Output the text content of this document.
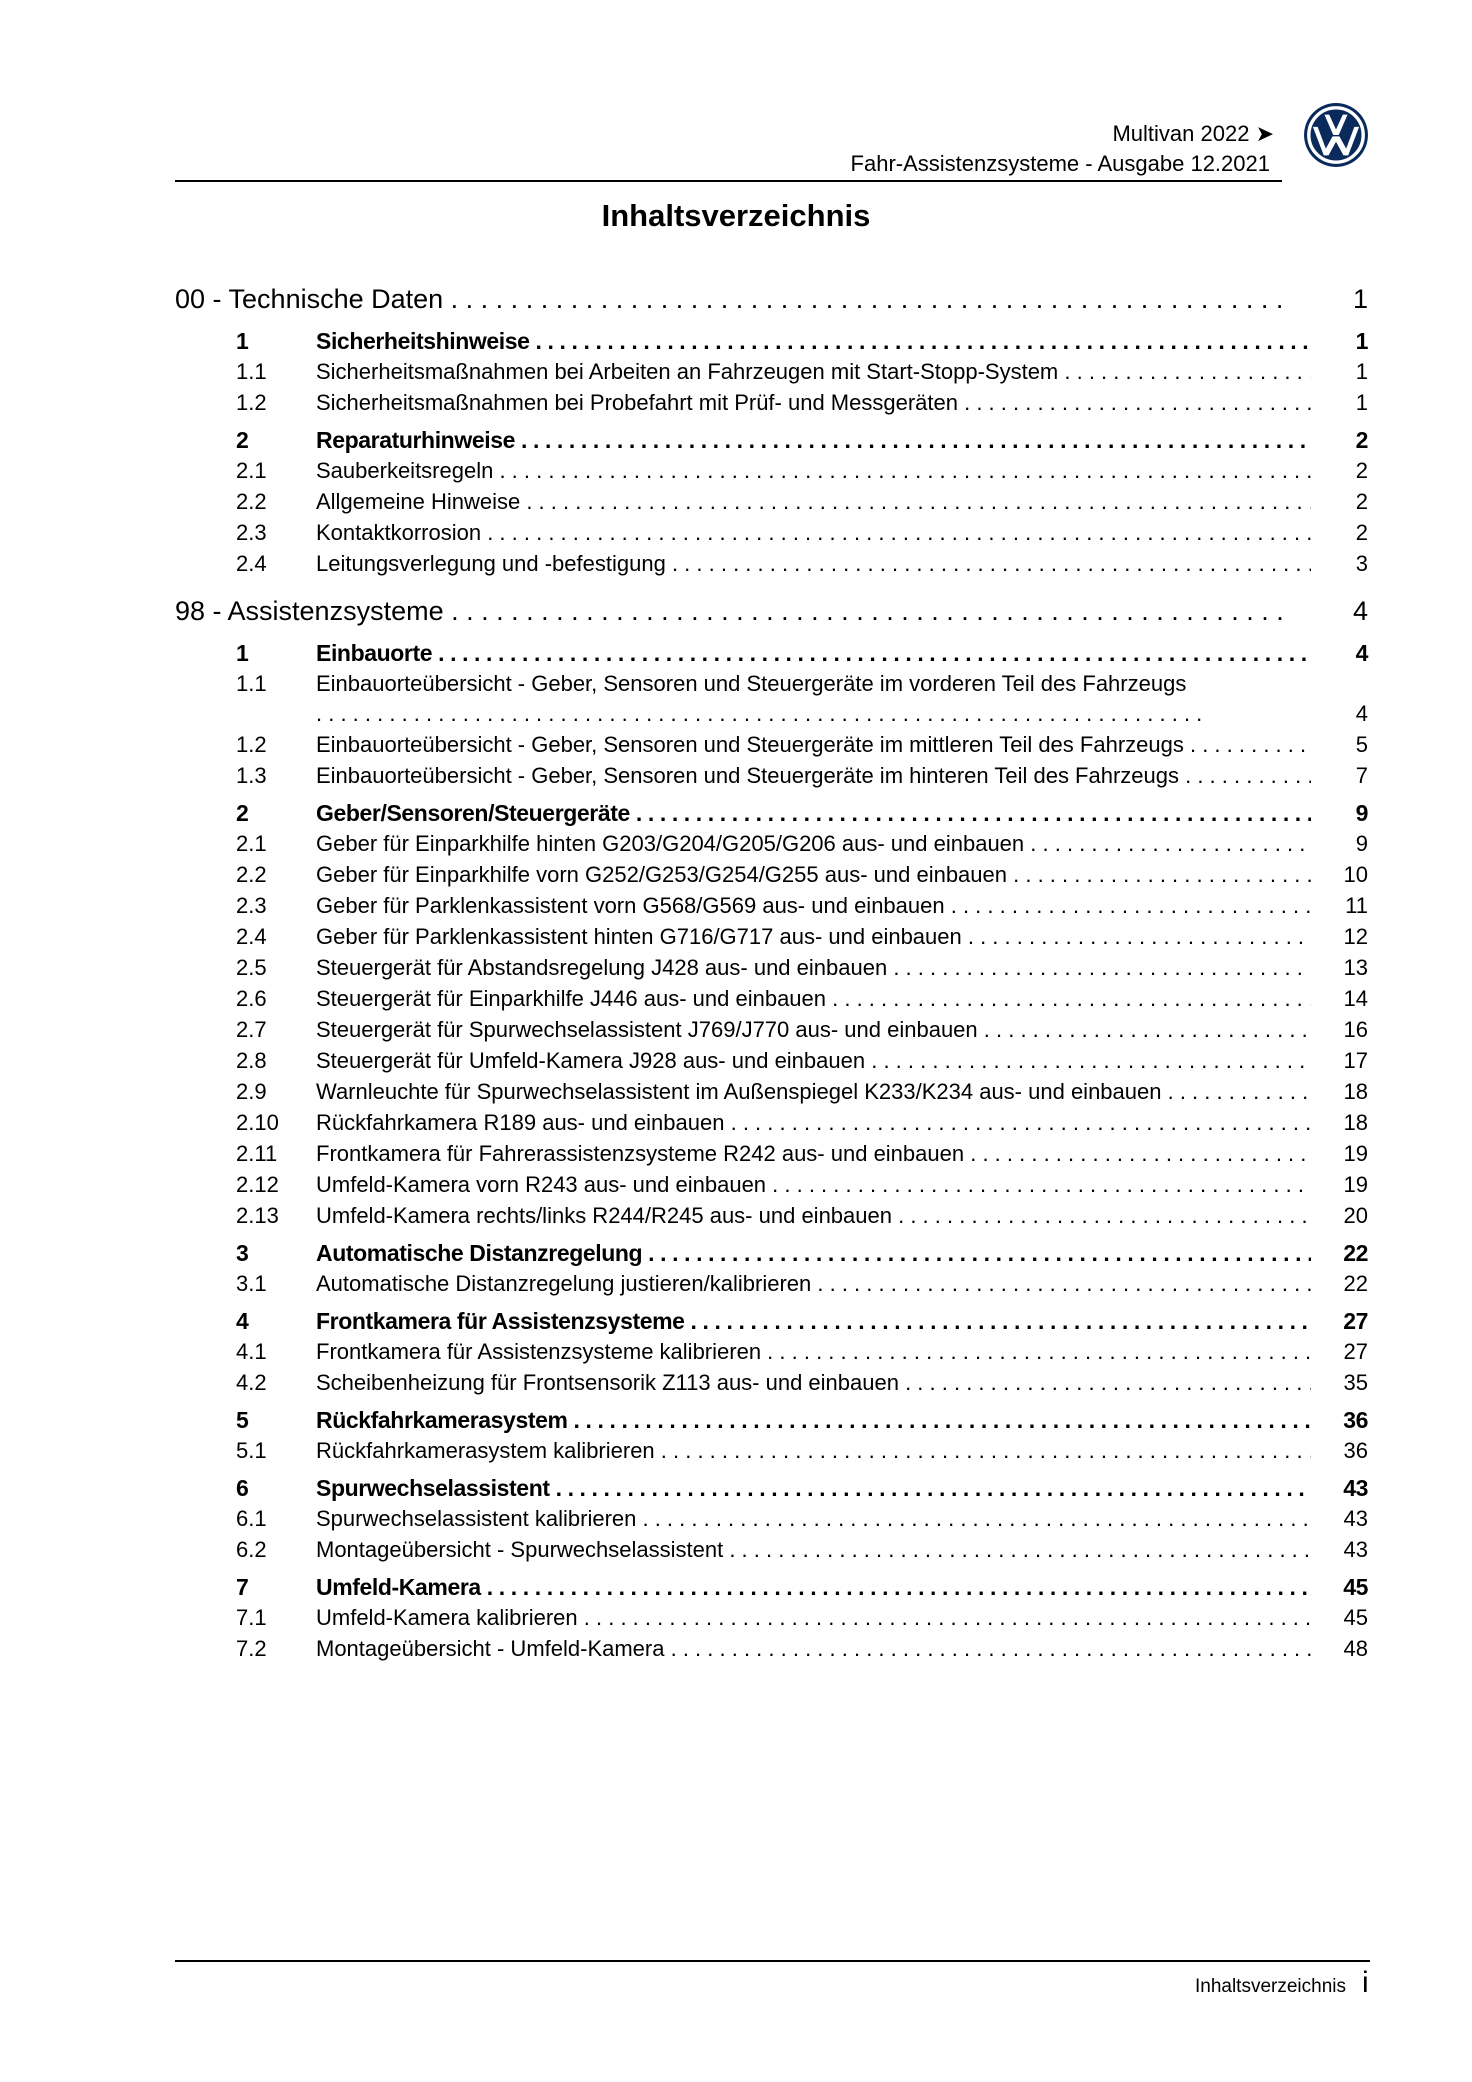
Multivan 2022 ➤
Fahr-Assistenzsysteme - Ausgabe 12.2021
Inhaltsverzeichnis
00 - Technische Daten . . .	1
1	Sicherheitshinweise . . .	1
1.1 Sicherheitsmaßnahmen bei Arbeiten an Fahrzeugen mit Start-Stopp-System . . .	1
1.2 Sicherheitsmaßnahmen bei Probefahrt mit Prüf- und Messgeräten . . .	1
2	Reparaturhinweise . . .	2
2.1 Sauberkeitsregeln . . .	2
2.2 Allgemeine Hinweise . . .	2
2.3 Kontaktkorrosion . . .	2
2.4 Leitungsverlegung und -befestigung . . .	3
98 - Assistenzsysteme . . .	4
1	Einbauorte . . .	4
1.1 Einbauorteübersicht - Geber, Sensoren und Steuergeräte im vorderen Teil des Fahrzeugs
. . . . . . . . . . . . . . . . . . . . . . . . . . . . . . . . . . . . . . . . . . . . . . . . . . . . . . . . . . . . . . . . . . . . . . . . .	4
1.2 Einbauorteübersicht - Geber, Sensoren und Steuergeräte im mittleren Teil des Fahrzeugs . . .	5
1.3 Einbauorteübersicht - Geber, Sensoren und Steuergeräte im hinteren Teil des Fahrzeugs . . .	7
2	Geber/Sensoren/Steuergeräte . . .	9
2.1 Geber für Einparkhilfe hinten G203/G204/G205/G206 aus- und einbauen . . .	9
2.2 Geber für Einparkhilfe vorn G252/G253/G254/G255 aus- und einbauen . . .	10
2.3 Geber für Parklenkassistent vorn G568/G569 aus- und einbauen . . .	11
2.4 Geber für Parklenkassistent hinten G716/G717 aus- und einbauen . . .	12
2.5 Steuergerät für Abstandsregelung J428 aus- und einbauen . . .	13
2.6 Steuergerät für Einparkhilfe J446 aus- und einbauen . . .	14
2.7 Steuergerät für Spurwechselassistent J769/J770 aus- und einbauen . . .	16
2.8 Steuergerät für Umfeld-Kamera J928 aus- und einbauen . . .	17
2.9 Warnleuchte für Spurwechselassistent im Außenspiegel K233/K234 aus- und einbauen . . .	18
2.10 Rückfahrkamera R189 aus- und einbauen . . .	18
2.11 Frontkamera für Fahrerassistenzsysteme R242 aus- und einbauen . . .	19
2.12 Umfeld-Kamera vorn R243 aus- und einbauen . . .	19
2.13 Umfeld-Kamera rechts/links R244/R245 aus- und einbauen . . .	20
3	Automatische Distanzregelung . . .	22
3.1 Automatische Distanzregelung justieren/kalibrieren . . .	22
4	Frontkamera für Assistenzsysteme . . .	27
4.1 Frontkamera für Assistenzsysteme kalibrieren . . .	27
4.2 Scheibenheizung für Frontsensorik Z113 aus- und einbauen . . .	35
5	Rückfahrkamerasystem . . .	36
5.1 Rückfahrkamerasystem kalibrieren . . .	36
6	Spurwechselassistent . . .	43
6.1 Spurwechselassistent kalibrieren . . .	43
6.2 Montageübersicht - Spurwechselassistent . . .	43
7	Umfeld-Kamera . . .	45
7.1 Umfeld-Kamera kalibrieren . . .	45
7.2 Montageübersicht - Umfeld-Kamera . . .	48
Inhaltsverzeichnis i
